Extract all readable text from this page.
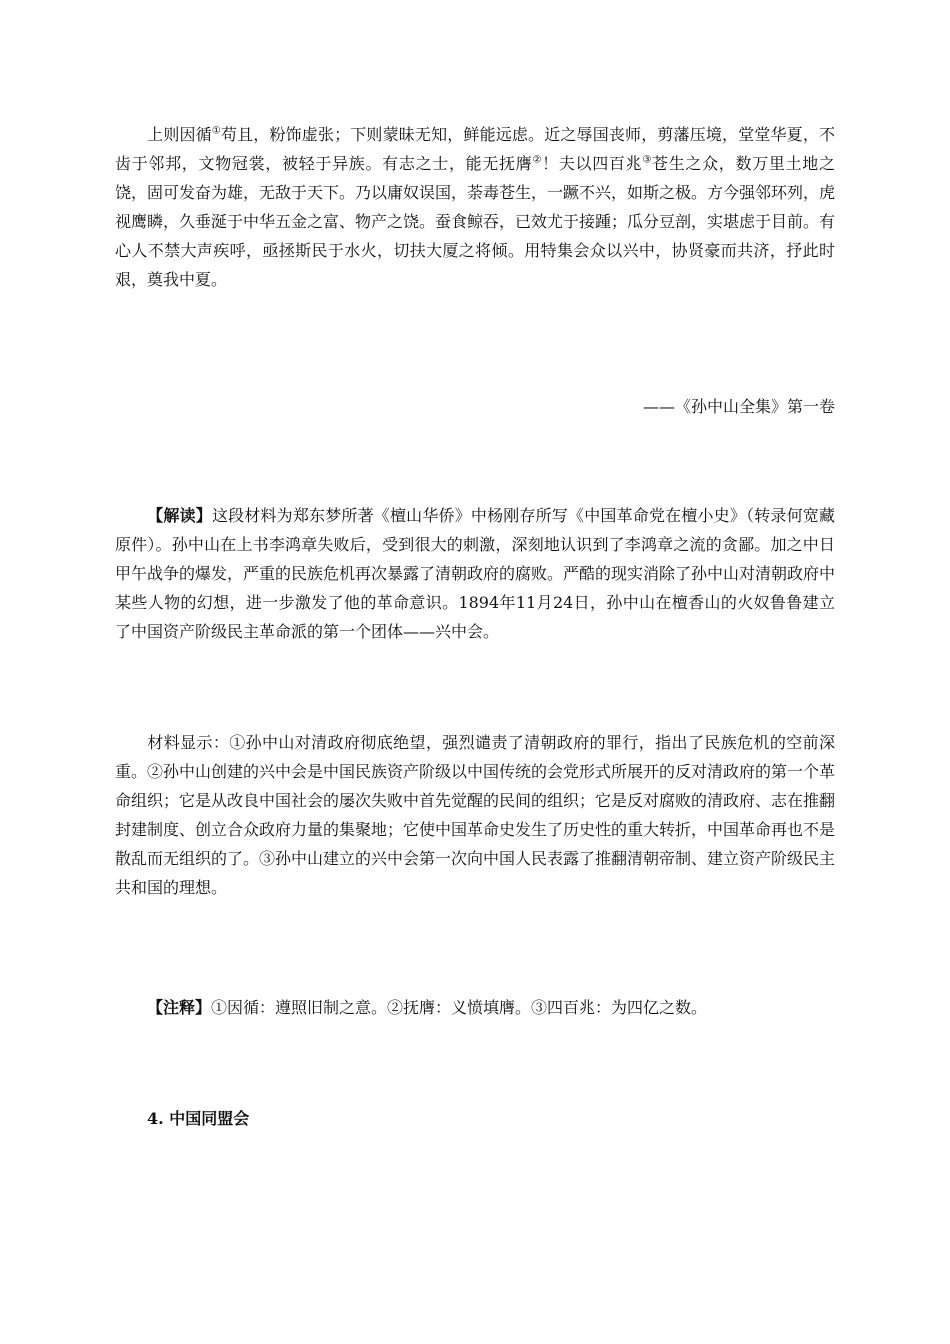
上则因循①苟且，粉饰虚张；下则蒙昧无知，鲜能远虑。近之辱国丧师，剪藩压境，堂堂华夏，不齿于邻邦，文物冠裳，被轻于异族。有志之士，能无抚膺②！夫以四百兆③苍生之众，数万里土地之饶，固可发奋为雄，无敌于天下。乃以庸奴误国，荼毒苍生，一蹶不兴，如斯之极。方今强邻环列，虎视鹰瞵，久垂涎于中华五金之富、物产之饶。蚕食鲸吞，已效尤于接踵；瓜分豆剖，实堪虑于目前。有心人不禁大声疾呼，亟拯斯民于水火，切扶大厦之将倾。用特集会众以兴中，协贤豪而共济，抒此时艰，奠我中夏。

——《孙中山全集》第一卷

【解读】这段材料为郑东梦所著《檀山华侨》中杨刚存所写《中国革命党在檀小史》（转录何宽藏原件）。孙中山在上书李鸿章失败后，受到很大的刺激，深刻地认识到了李鸿章之流的贪鄙。加之中日甲午战争的爆发，严重的民族危机再次暴露了清朝政府的腐败。严酷的现实消除了孙中山对清朝政府中某些人物的幻想，进一步激发了他的革命意识。1894年11月24日，孙中山在檀香山的火奴鲁鲁建立了中国资产阶级民主革命派的第一个团体——兴中会。

材料显示：①孙中山对清政府彻底绝望，强烈谴责了清朝政府的罪行，指出了民族危机的空前深重。②孙中山创建的兴中会是中国民族资产阶级以中国传统的会党形式所展开的反对清政府的第一个革命组织；它是从改良中国社会的屡次失败中首先觉醒的民间的组织；它是反对腐败的清政府、志在推翻封建制度、创立合众政府力量的集聚地；它使中国革命史发生了历史性的重大转折，中国革命再也不是散乱而无组织的了。③孙中山建立的兴中会第一次向中国人民表露了推翻清朝帝制、建立资产阶级民主共和国的理想。

【注释】①因循：遵照旧制之意。②抚膺：义愤填膺。③四百兆：为四亿之数。

4. 中国同盟会
